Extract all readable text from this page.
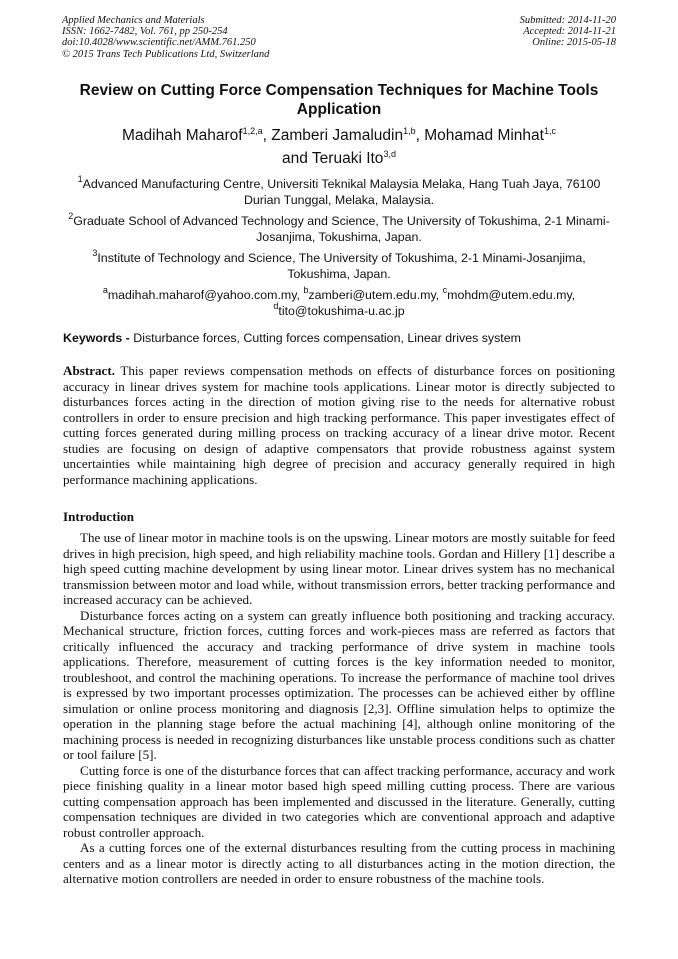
Applied Mechanics and Materials
ISSN: 1662-7482, Vol. 761, pp 250-254
doi:10.4028/www.scientific.net/AMM.761.250
© 2015 Trans Tech Publications Ltd, Switzerland
Submitted: 2014-11-20
Accepted: 2014-11-21
Online: 2015-05-18
Review on Cutting Force Compensation Techniques for Machine Tools Application
Madihah Maharof$^{1,2,a}$, Zamberi Jamaludin$^{1,b}$, Mohamad Minhat$^{1,c}$
and Teruaki Ito$^{3,d}$
$^1$Advanced Manufacturing Centre, Universiti Teknikal Malaysia Melaka, Hang Tuah Jaya, 76100 Durian Tunggal, Melaka, Malaysia.
$^2$Graduate School of Advanced Technology and Science, The University of Tokushima, 2-1 Minami-Josanjima, Tokushima, Japan.
$^3$Institute of Technology and Science, The University of Tokushima, 2-1 Minami-Josanjima, Tokushima, Japan.
$^a$madihah.maharof@yahoo.com.my, $^b$zamberi@utem.edu.my, $^c$mohdm@utem.edu.my,
$^d$tito@tokushima-u.ac.jp
Keywords - Disturbance forces, Cutting forces compensation, Linear drives system

Abstract. This paper reviews compensation methods on effects of disturbance forces on positioning accuracy in linear drives system for machine tools applications. Linear motor is directly subjected to disturbances forces acting in the direction of motion giving rise to the needs for alternative robust controllers in order to ensure precision and high tracking performance. This paper investigates effect of cutting forces generated during milling process on tracking accuracy of a linear drive motor. Recent studies are focusing on design of adaptive compensators that provide robustness against system uncertainties while maintaining high degree of precision and accuracy generally required in high performance machining applications.

Introduction

The use of linear motor in machine tools is on the upswing. Linear motors are mostly suitable for feed drives in high precision, high speed, and high reliability machine tools. Gordan and Hillery [1] describe a high speed cutting machine development by using linear motor. Linear drives system has no mechanical transmission between motor and load while, without transmission errors, better tracking performance and increased accuracy can be achieved.

Disturbance forces acting on a system can greatly influence both positioning and tracking accuracy. Mechanical structure, friction forces, cutting forces and work-pieces mass are referred as factors that critically influenced the accuracy and tracking performance of drive system in machine tools applications. Therefore, measurement of cutting forces is the key information needed to monitor, troubleshoot, and control the machining operations. To increase the performance of machine tool drives is expressed by two important processes optimization. The processes can be achieved either by offline simulation or online process monitoring and diagnosis [2,3]. Offline simulation helps to optimize the operation in the planning stage before the actual machining [4], although online monitoring of the machining process is needed in recognizing disturbances like unstable process conditions such as chatter or tool failure [5].

Cutting force is one of the disturbance forces that can affect tracking performance, accuracy and work piece finishing quality in a linear motor based high speed milling cutting process. There are various cutting compensation approach has been implemented and discussed in the literature. Generally, cutting compensation techniques are divided in two categories which are conventional approach and adaptive robust controller approach.

As a cutting forces one of the external disturbances resulting from the cutting process in machining centers and as a linear motor is directly acting to all disturbances acting in the motion direction, the alternative motion controllers are needed in order to ensure robustness of the machine tools.
